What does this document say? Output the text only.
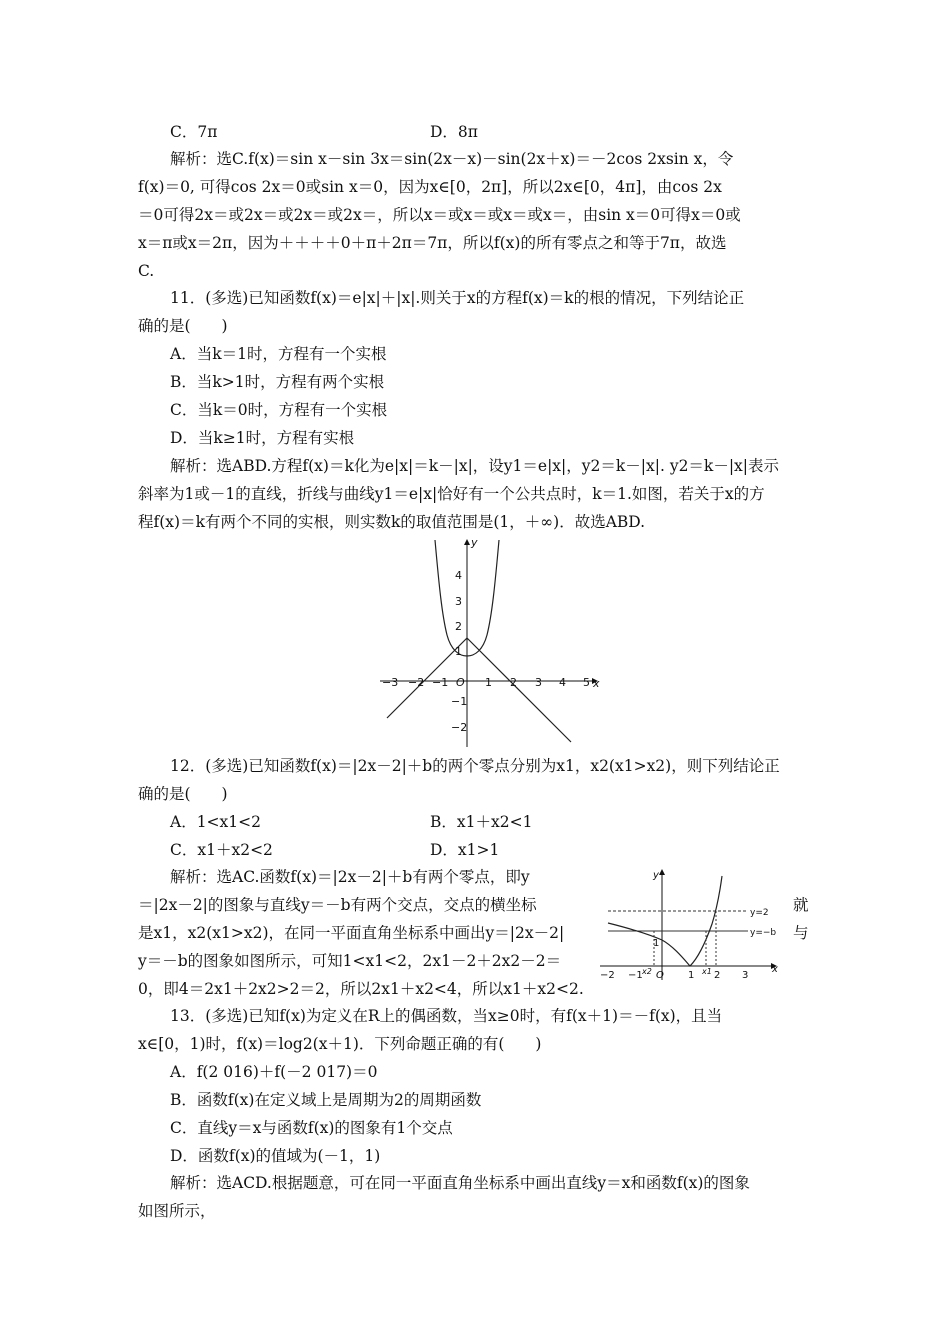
C．7π	D．8π
解析：选C.f(x)＝sin x－sin 3x＝sin(2x－x)－sin(2x＋x)＝－2cos 2xsin x，令
f(x)＝0, 可得cos 2x＝0或sin x＝0，因为x∈[0，2π]，所以2x∈[0，4π]，由cos 2x
＝0可得2x＝或2x＝或2x＝或2x＝，所以x＝或x＝或x＝或x＝，由sin x＝0可得x＝0或
x＝π或x＝2π，因为＋＋＋＋0＋π＋2π＝7π，所以f(x)的所有零点之和等于7π，故选
C.
11．(多选)已知函数f(x)＝e|x|＋|x|.则关于x的方程f(x)＝k的根的情况，下列结论正
确的是(　　)
A．当k＝1时，方程有一个实根
B．当k>1时，方程有两个实根
C．当k＝0时，方程有一个实根
D．当k≥1时，方程有实根
解析：选ABD.方程f(x)＝k化为e|x|＝k－|x|，设y1＝e|x|，y2＝k－|x|. y2＝k－|x|表示
斜率为1或－1的直线，折线与曲线y1＝e|x|恰好有一个公共点时，k＝1.如图，若关于x的方
程f(x)＝k有两个不同的实根，则实数k的取值范围是(1，＋∞)．故选ABD.
−3 −2 −1 O 1 2 3 4 5 x
4
3
2
1
−1
−2
y
12．(多选)已知函数f(x)＝|2x－2|＋b的两个零点分别为x1，x2(x1>x2)，则下列结论正
确的是(　　)
A．1<x1<2	B．x1＋x2<1
C．x1＋x2<2	D．x1>1
解析：选AC.函数f(x)＝|2x－2|＋b有两个零点，即y
＝|2x－2|的图象与直线y＝－b有两个交点，交点的横坐标
是x1，x2(x1>x2)，在同一平面直角坐标系中画出y＝|2x－2|
y＝－b的图象如图所示，可知1<x1<2，2x1－2＋2x2－2＝
0，即4＝2x1＋2x2>2＝2，所以2x1＋x2<4，所以x1＋x2<2.
就
与
−2 −1 O 1 2 3
x2	x1
1
y=2
y=−b
x
y
13．(多选)已知f(x)为定义在R上的偶函数，当x≥0时，有f(x＋1)＝－f(x)，且当
x∈[0，1)时，f(x)＝log2(x＋1)．下列命题正确的有(　　)
A．f(2 016)＋f(－2 017)＝0
B．函数f(x)在定义域上是周期为2的周期函数
C．直线y＝x与函数f(x)的图象有1个交点
D．函数f(x)的值域为(－1，1)
解析：选ACD.根据题意，可在同一平面直角坐标系中画出直线y＝x和函数f(x)的图象
如图所示，
